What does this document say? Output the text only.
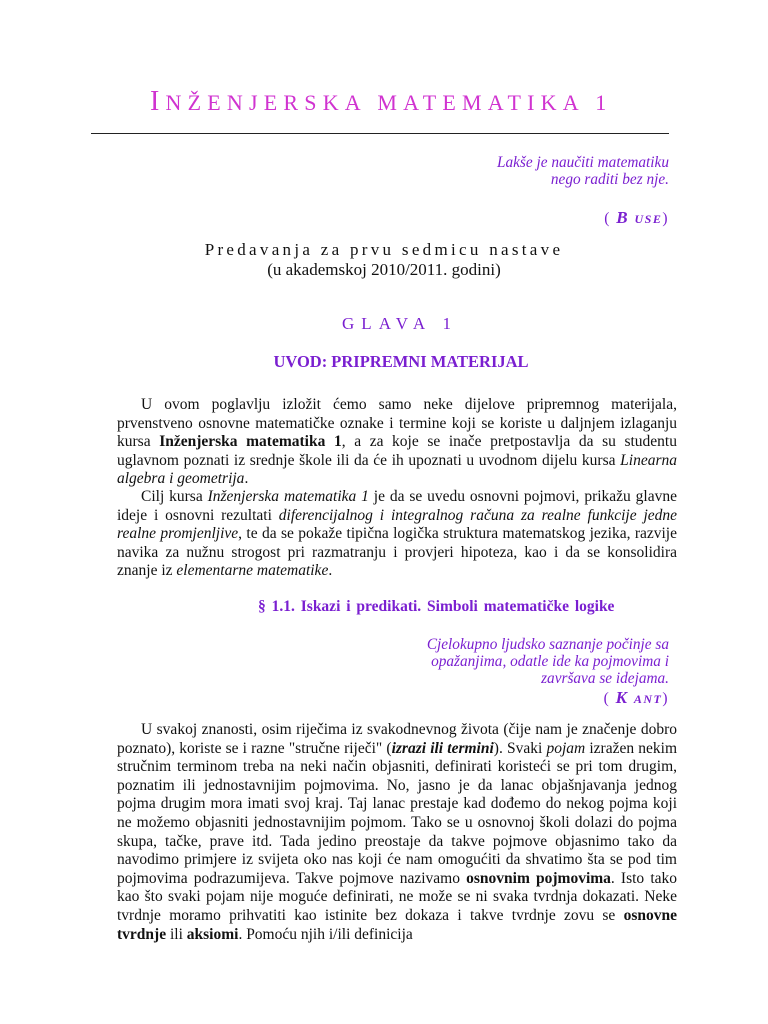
INŽENJERSKA MATEMATIKA 1
Lakše je naučiti matematiku
nego raditi bez nje.
( B USE)
Predavanja za prvu sedmicu nastave
(u akademskoj 2010/2011. godini)
GLAVA 1
UVOD: PRIPREMNI MATERIJAL

U ovom poglavlju izložit ćemo samo neke dijelove pripremnog materijala, prvenstveno osnovne matematičke oznake i termine koji se koriste u daljnjem izlaganju kursa Inženjerska matematika 1, a za koje se inače pretpostavlja da su studentu uglavnom poznati iz srednje škole ili da će ih upoznati u uvodnom dijelu kursa Linearna algebra i geometrija.

Cilj kursa Inženjerska matematika 1 je da se uvedu osnovni pojmovi, prikažu glavne ideje i osnovni rezultati diferencijalnog i integralnog računa za realne funkcije jedne realne promjenljive, te da se pokaže tipična logička struktura matematskog jezika, razvije navika za nužnu strogost pri razmatranju i provjeri hipoteza, kao i da se konsolidira znanje iz elementarne matematike.

§ 1.1. Iskazi i predikati. Simboli matematičke logike
Cjelokupno ljudsko saznanje počinje sa
opažanjima, odatle ide ka pojmovima i
završava se idejama.
( K ANT)

U svakoj znanosti, osim riječima iz svakodnevnog života (čije nam je značenje dobro poznato), koriste se i razne "stručne riječi" (izrazi ili termini). Svaki pojam izražen nekim stručnim terminom treba na neki način objasniti, definirati koristeći se pri tom drugim, poznatim ili jednostavnijim pojmovima. No, jasno je da lanac objašnjavanja jednog pojma drugim mora imati svoj kraj. Taj lanac prestaje kad dođemo do nekog pojma koji ne možemo objasniti jednostavnijim pojmom. Tako se u osnovnoj školi dolazi do pojma skupa, tačke, prave itd. Tada jedino preostaje da takve pojmove objasnimo tako da navodimo primjere iz svijeta oko nas koji će nam omogućiti da shvatimo šta se pod tim pojmovima podrazumijeva. Takve pojmove nazivamo osnovnim pojmovima. Isto tako kao što svaki pojam nije moguće definirati, ne može se ni svaka tvrdnja dokazati. Neke tvrdnje moramo prihvatiti kao istinite bez dokaza i takve tvrdnje zovu se osnovne tvrdnje ili aksiomi. Pomoću njih i/ili definicija
